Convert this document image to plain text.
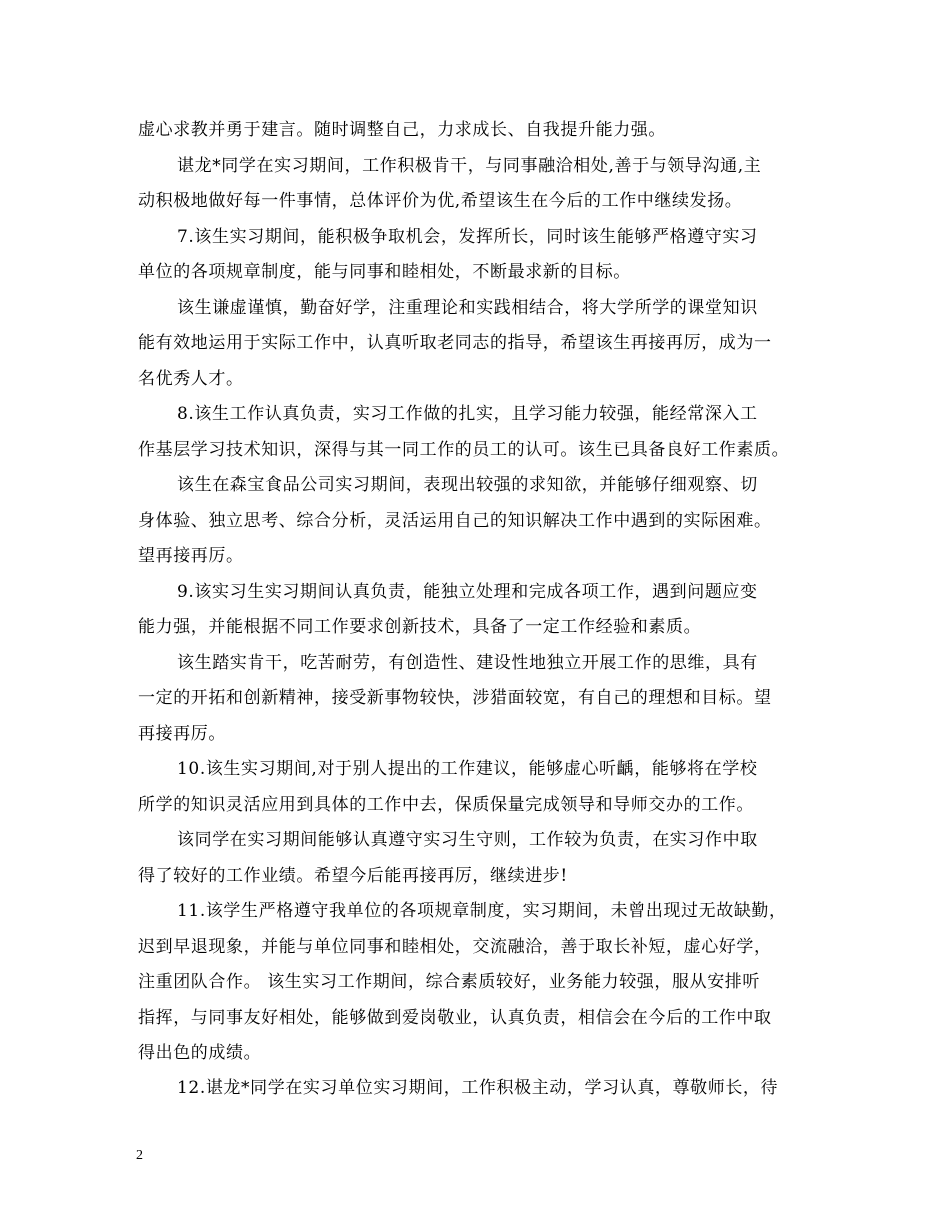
虚心求教并勇于建言。随时调整自己，力求成长、自我提升能力强。
谌龙*同学在实习期间，工作积极肯干，与同事融洽相处,善于与领导沟通,主
动积极地做好每一件事情，总体评价为优,希望该生在今后的工作中继续发扬。
7.该生实习期间，能积极争取机会，发挥所长，同时该生能够严格遵守实习
单位的各项规章制度，能与同事和睦相处，不断最求新的目标。
该生谦虚谨慎，勤奋好学，注重理论和实践相结合，将大学所学的课堂知识
能有效地运用于实际工作中，认真听取老同志的指导，希望该生再接再厉，成为一
名优秀人才。
8.该生工作认真负责，实习工作做的扎实，且学习能力较强，能经常深入工
作基层学习技术知识，深得与其一同工作的员工的认可。该生已具备良好工作素质。
该生在森宝食品公司实习期间，表现出较强的求知欲，并能够仔细观察、切
身体验、独立思考、综合分析，灵活运用自己的知识解决工作中遇到的实际困难。
望再接再厉。
9.该实习生实习期间认真负责，能独立处理和完成各项工作，遇到问题应变
能力强，并能根据不同工作要求创新技术，具备了一定工作经验和素质。
该生踏实肯干，吃苦耐劳，有创造性、建设性地独立开展工作的思维，具有
一定的开拓和创新精神，接受新事物较快，涉猎面较宽，有自己的理想和目标。望
再接再厉。
10.该生实习期间,对于别人提出的工作建议，能够虚心听齲，能够将在学校
所学的知识灵活应用到具体的工作中去，保质保量完成领导和导师交办的工作。
该同学在实习期间能够认真遵守实习生守则，工作较为负责，在实习作中取
得了较好的工作业绩。希望今后能再接再厉，继续进步!
11.该学生严格遵守我单位的各项规章制度，实习期间，未曾出现过无故缺勤，
迟到早退现象，并能与单位同事和睦相处，交流融洽，善于取长补短，虚心好学，
注重团队合作。 该生实习工作期间，综合素质较好，业务能力较强，服从安排听
指挥，与同事友好相处，能够做到爱岗敬业，认真负责，相信会在今后的工作中取
得出色的成绩。
12.谌龙*同学在实习单位实习期间，工作积极主动，学习认真，尊敬师长，待
2
